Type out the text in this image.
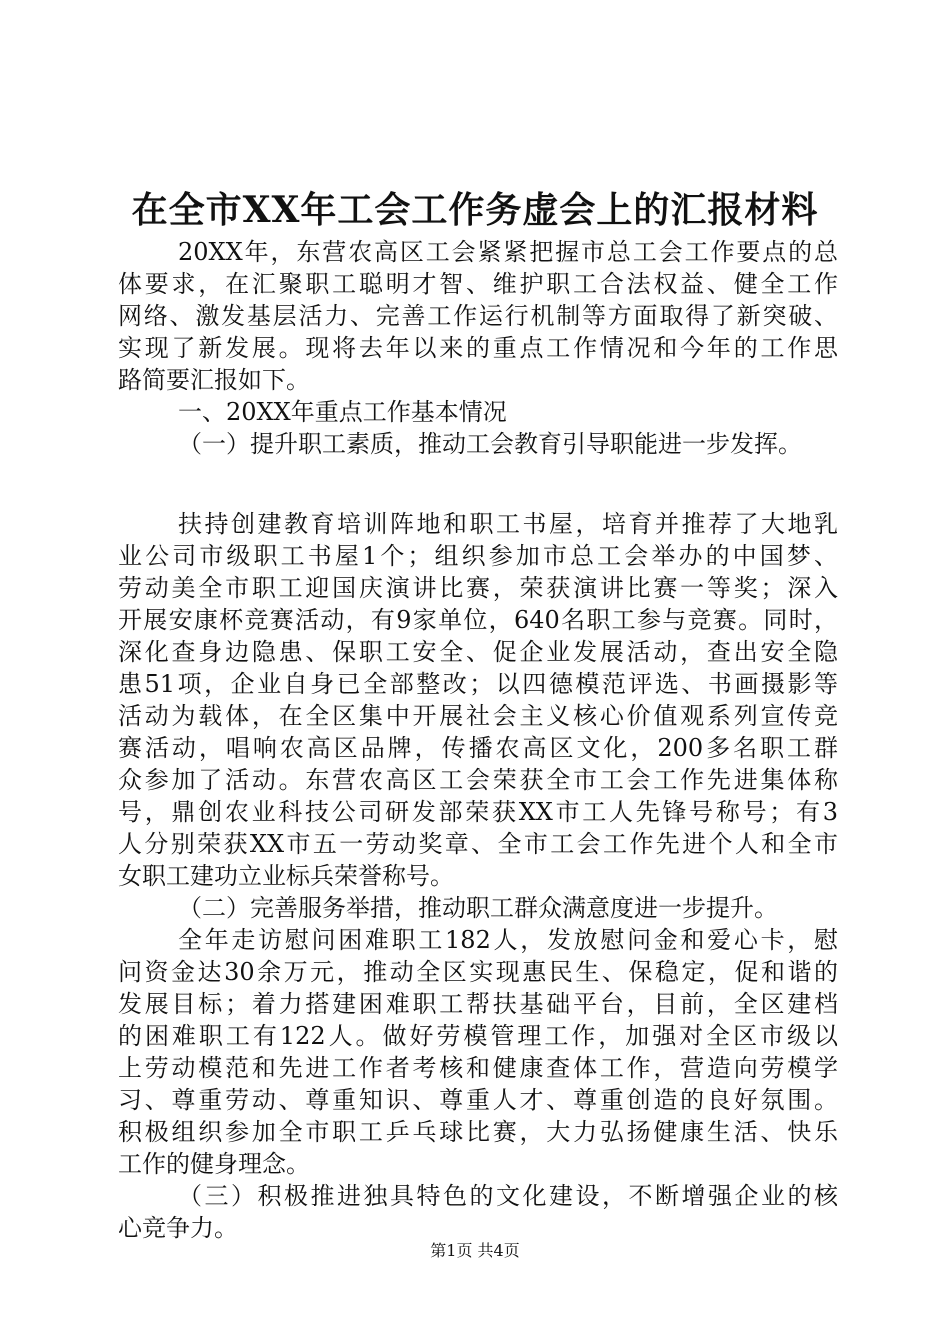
在全市XX年工会工作务虚会上的汇报材料
20XX年，东营农高区工会紧紧把握市总工会工作要点的总
体要求，在汇聚职工聪明才智、维护职工合法权益、健全工作
网络、激发基层活力、完善工作运行机制等方面取得了新突破、
实现了新发展。现将去年以来的重点工作情况和今年的工作思
路简要汇报如下。
一、20XX年重点工作基本情况
（一）提升职工素质，推动工会教育引导职能进一步发挥。
扶持创建教育培训阵地和职工书屋，培育并推荐了大地乳
业公司市级职工书屋1个；组织参加市总工会举办的中国梦、
劳动美全市职工迎国庆演讲比赛，荣获演讲比赛一等奖；深入
开展安康杯竞赛活动，有9家单位，640名职工参与竞赛。同时，
深化查身边隐患、保职工安全、促企业发展活动，查出安全隐
患51项，企业自身已全部整改；以四德模范评选、书画摄影等
活动为载体，在全区集中开展社会主义核心价值观系列宣传竞
赛活动，唱响农高区品牌，传播农高区文化，200多名职工群
众参加了活动。东营农高区工会荣获全市工会工作先进集体称
号，鼎创农业科技公司研发部荣获XX市工人先锋号称号；有3
人分别荣获XX市五一劳动奖章、全市工会工作先进个人和全市
女职工建功立业标兵荣誉称号。
（二）完善服务举措，推动职工群众满意度进一步提升。
全年走访慰问困难职工182人，发放慰问金和爱心卡，慰
问资金达30余万元，推动全区实现惠民生、保稳定，促和谐的
发展目标；着力搭建困难职工帮扶基础平台，目前，全区建档
的困难职工有122人。做好劳模管理工作，加强对全区市级以
上劳动模范和先进工作者考核和健康查体工作，营造向劳模学
习、尊重劳动、尊重知识、尊重人才、尊重创造的良好氛围。
积极组织参加全市职工乒乓球比赛，大力弘扬健康生活、快乐
工作的健身理念。
（三）积极推进独具特色的文化建设，不断增强企业的核
心竞争力。
第1页 共4页
